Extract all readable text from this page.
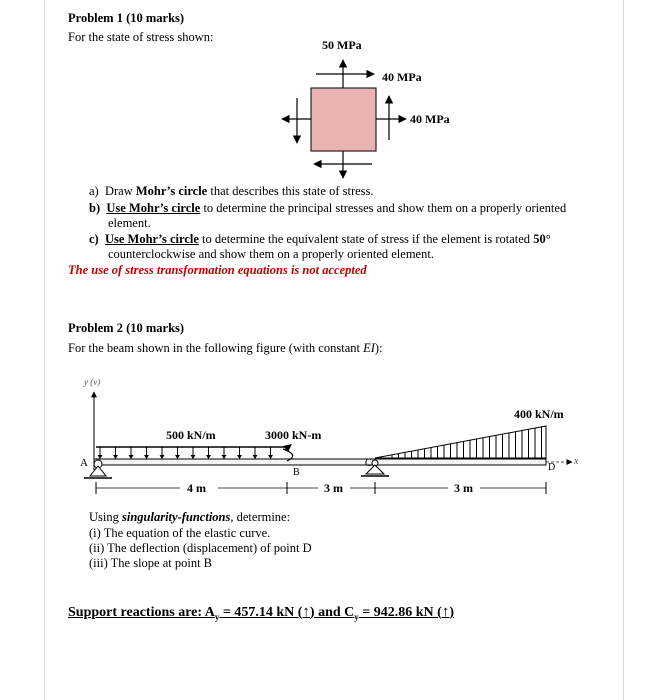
Problem 1 (10 marks)
For the state of stress shown:
50 MPa
40 MPa
40 MPa
a) Draw Mohr’s circle that describes this state of stress.
b) Use Mohr’s circle to determine the principal stresses and show them on a properly oriented
element.
c) Use Mohr’s circle to determine the equivalent state of stress if the element is rotated 50°
counterclockwise and show them on a properly oriented element.
The use of stress transformation equations is not accepted
Problem 2 (10 marks)
For the beam shown in the following figure (with constant EI):
y (v)
400 kN/m
500 kN/m	3000 kN-m
A
B
C	D
x
4 m	3 m	3 m
Using singularity-functions, determine:
(i) The equation of the elastic curve.
(ii) The deflection (displacement) of point D
(iii) The slope at point B
Support reactions are: $A_y = 457.14$ kN (↑) and $C_y = 942.86$ kN (↑)
